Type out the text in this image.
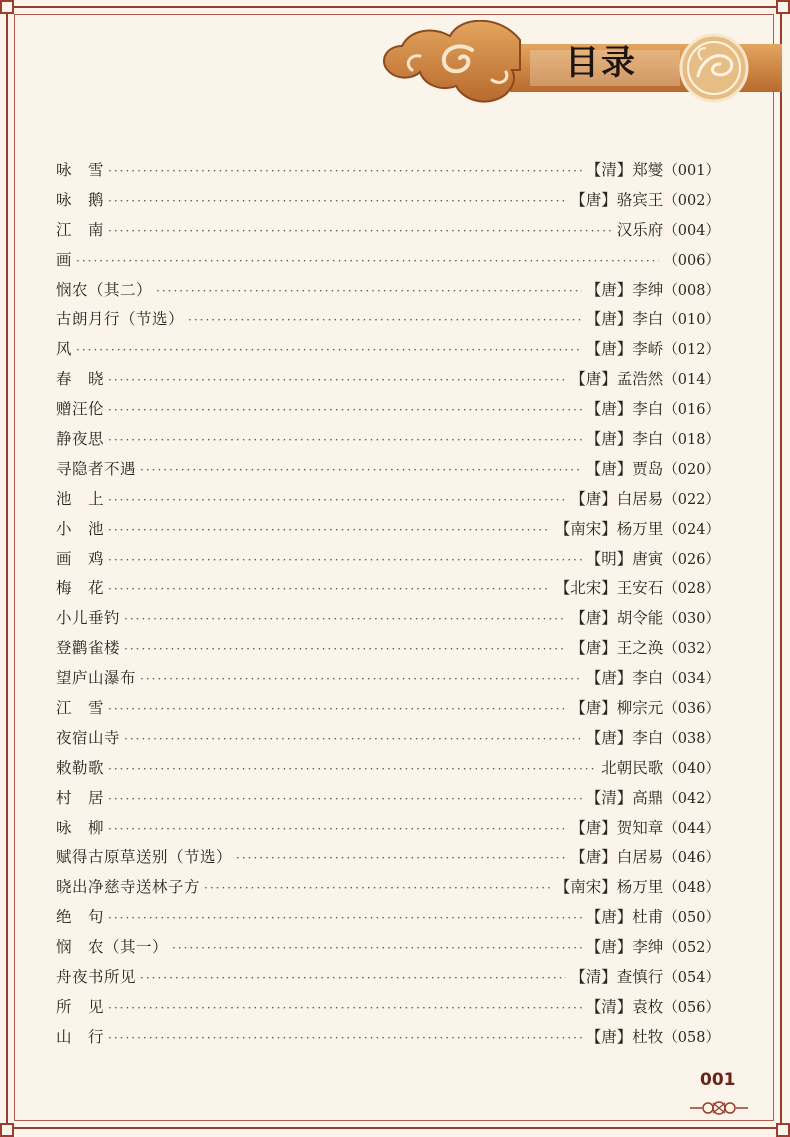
目录
咏　雪 ·····	【清】郑燮 （001）
咏　鹅 ·····	【唐】骆宾王 （002）
江　南 ·····	汉乐府 （004）
画 ·····	（006）
悯农（其二） ·····	【唐】李绅 （008）
古朗月行（节选） ·····	【唐】李白 （010）
风 ·····	【唐】李峤 （012）
春　晓 ·····	【唐】孟浩然 （014）
赠汪伦 ·····	【唐】李白 （016）
静夜思 ·····	【唐】李白 （018）
寻隐者不遇 ·····	【唐】贾岛 （020）
池　上 ·····	【唐】白居易 （022）
小　池 ·····	【南宋】杨万里 （024）
画　鸡 ·····	【明】唐寅 （026）
梅　花 ·····	【北宋】王安石 （028）
小儿垂钓 ·····	【唐】胡令能 （030）
登鹳雀楼 ·····	【唐】王之涣 （032）
望庐山瀑布 ·····	【唐】李白 （034）
江　雪 ·····	【唐】柳宗元 （036）
夜宿山寺 ·····	【唐】李白 （038）
敕勒歌 ·····	北朝民歌 （040）
村　居 ·····	【清】高鼎 （042）
咏　柳 ·····	【唐】贺知章 （044）
赋得古原草送别（节选） ·····	【唐】白居易 （046）
晓出净慈寺送林子方 ·····	【南宋】杨万里 （048）
绝　句 ·····	【唐】杜甫 （050）
悯　农（其一） ·····	【唐】李绅 （052）
舟夜书所见 ·····	【清】查慎行 （054）
所　见 ·····	【清】袁枚 （056）
山　行 ·····	【唐】杜牧 （058）
001
